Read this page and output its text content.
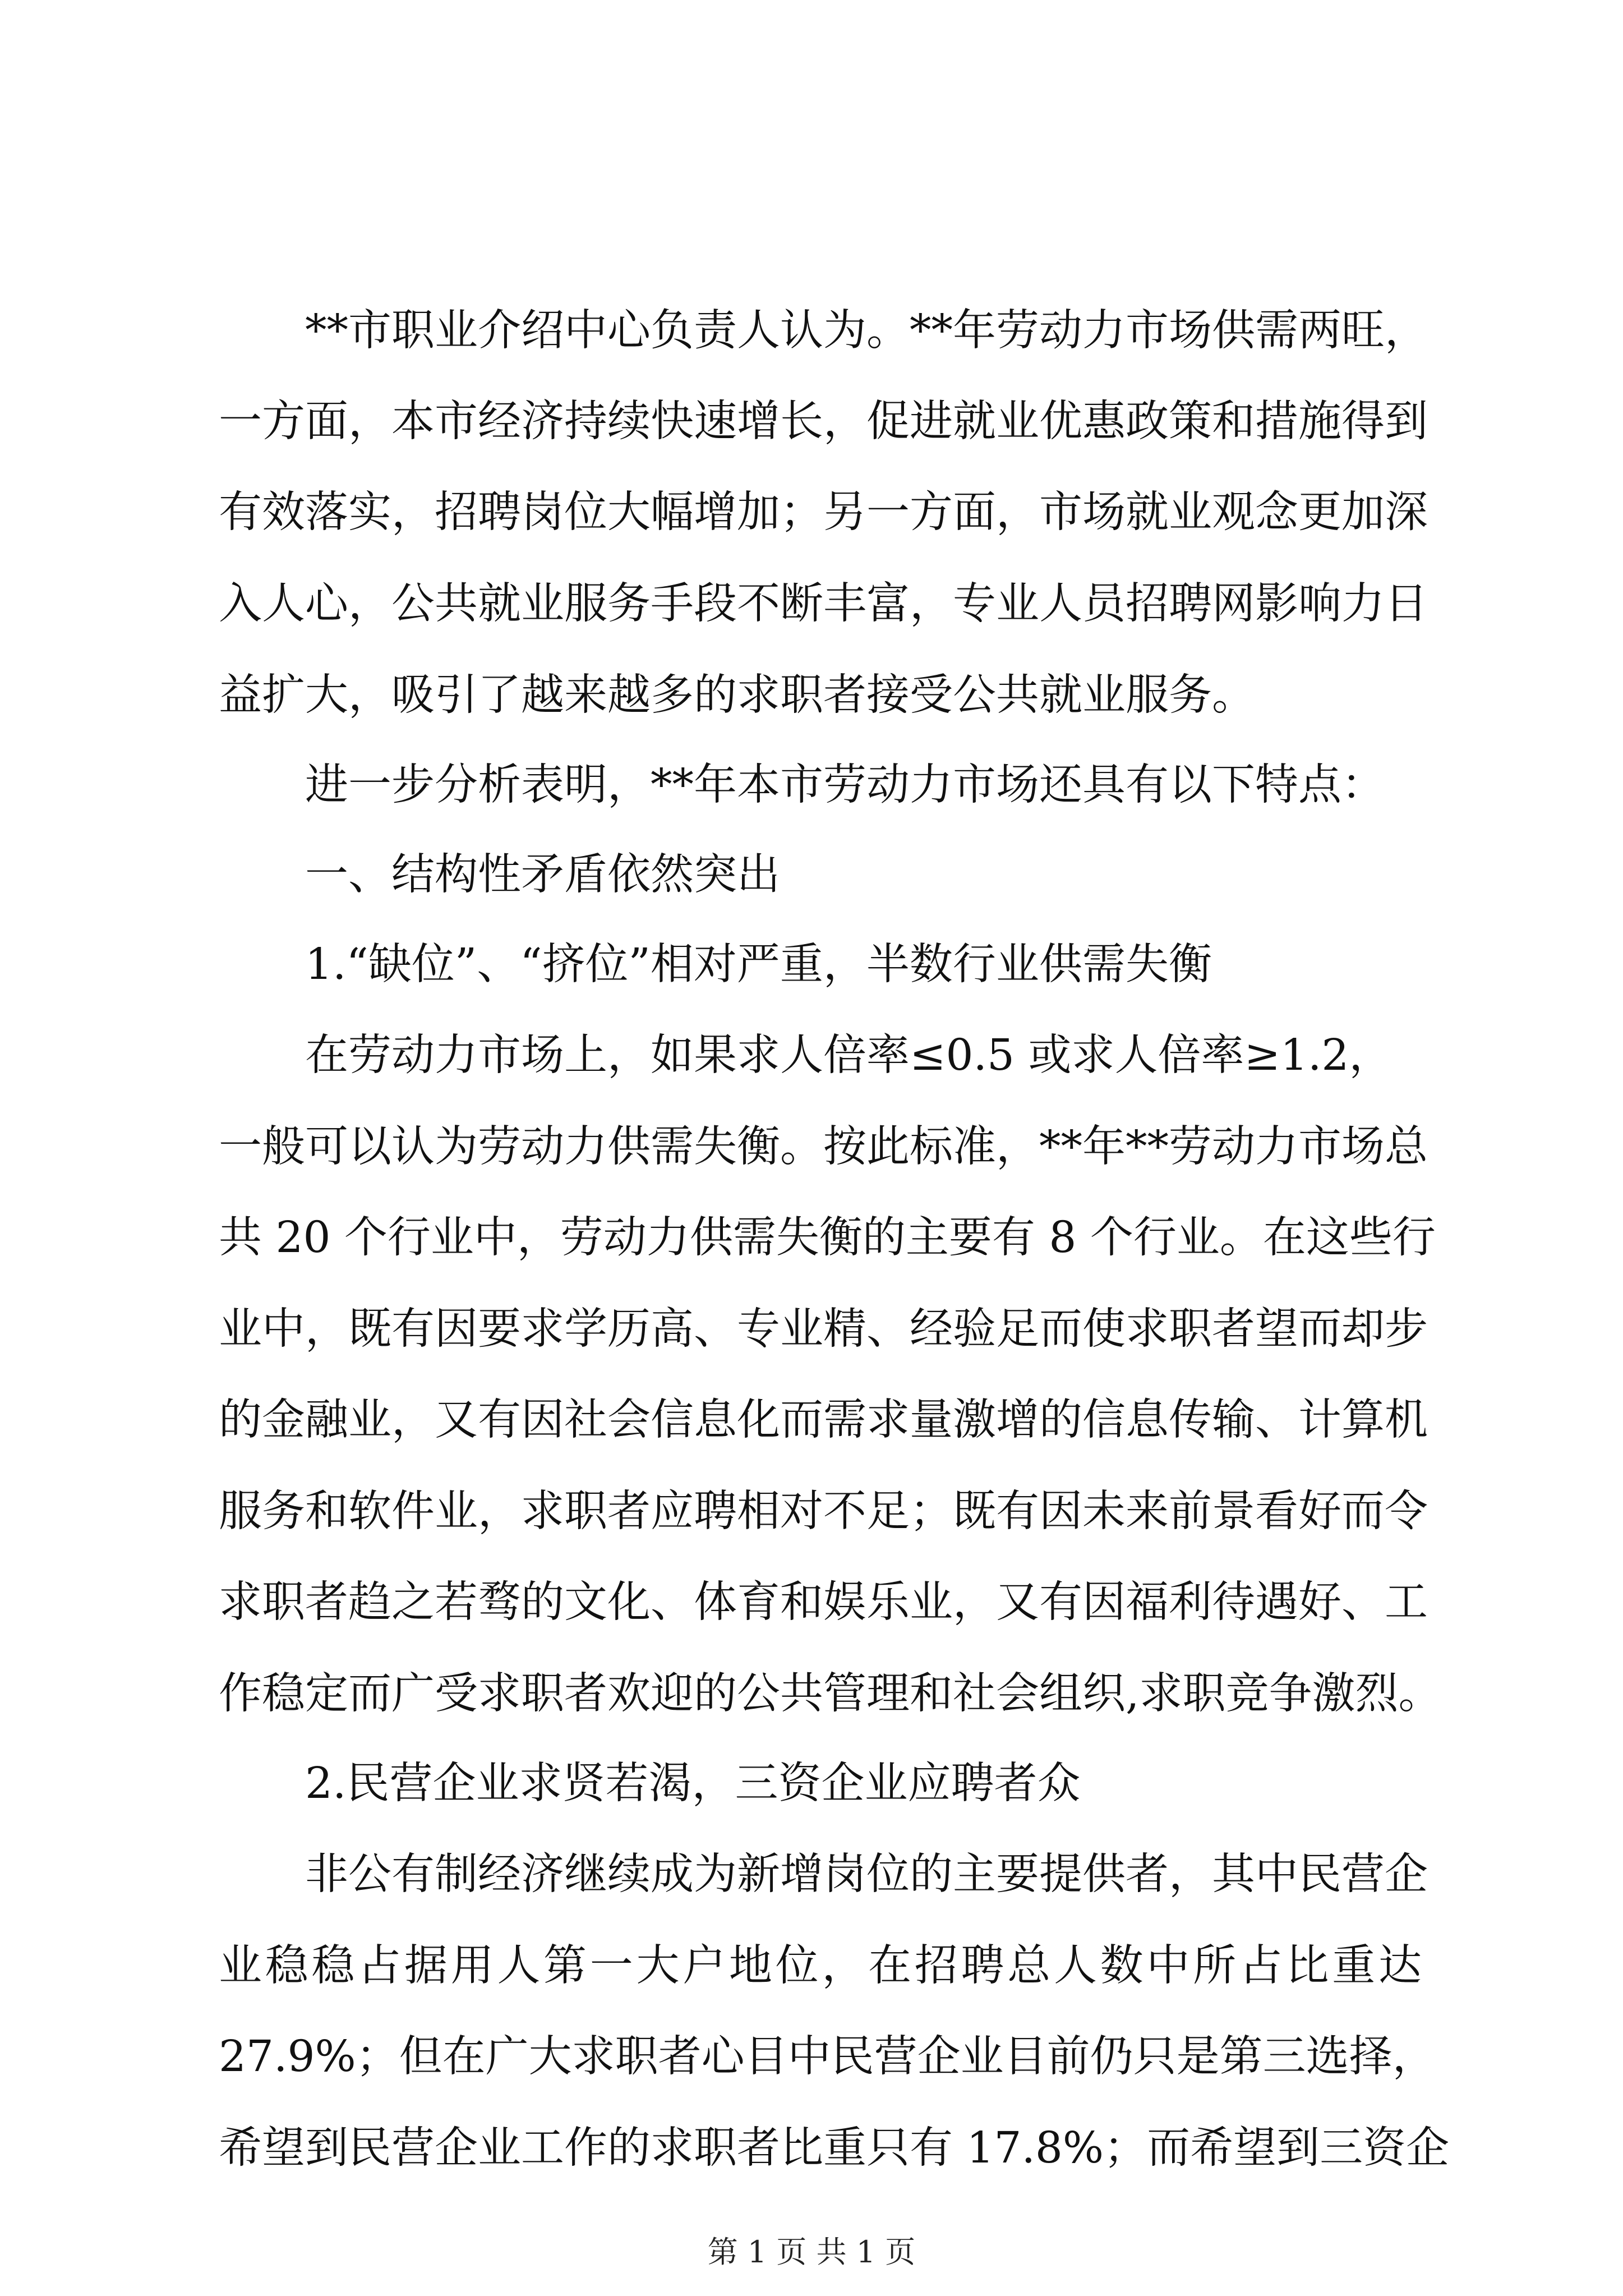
**市职业介绍中心负责人认为。**年劳动力市场供需两旺，
一方面，本市经济持续快速增长，促进就业优惠政策和措施得到
有效落实，招聘岗位大幅增加；另一方面，市场就业观念更加深
入人心，公共就业服务手段不断丰富，专业人员招聘网影响力日
益扩大，吸引了越来越多的求职者接受公共就业服务。
进一步分析表明，**年本市劳动力市场还具有以下特点：
一、结构性矛盾依然突出
1.“缺位”、“挤位”相对严重，半数行业供需失衡
在劳动力市场上，如果求人倍率≤0.5 或求人倍率≥1.2，
一般可以认为劳动力供需失衡。按此标准，**年**劳动力市场总
共 20 个行业中，劳动力供需失衡的主要有 8 个行业。在这些行
业中，既有因要求学历高、专业精、经验足而使求职者望而却步
的金融业，又有因社会信息化而需求量激增的信息传输、计算机
服务和软件业，求职者应聘相对不足；既有因未来前景看好而令
求职者趋之若骛的文化、体育和娱乐业，又有因福利待遇好、工
作稳定而广受求职者欢迎的公共管理和社会组织,求职竞争激烈。
2.民营企业求贤若渴，三资企业应聘者众
非公有制经济继续成为新增岗位的主要提供者，其中民营企
业稳稳占据用人第一大户地位，在招聘总人数中所占比重达
27.9%；但在广大求职者心目中民营企业目前仍只是第三选择，
希望到民营企业工作的求职者比重只有 17.8%；而希望到三资企
第 1 页 共 1 页
